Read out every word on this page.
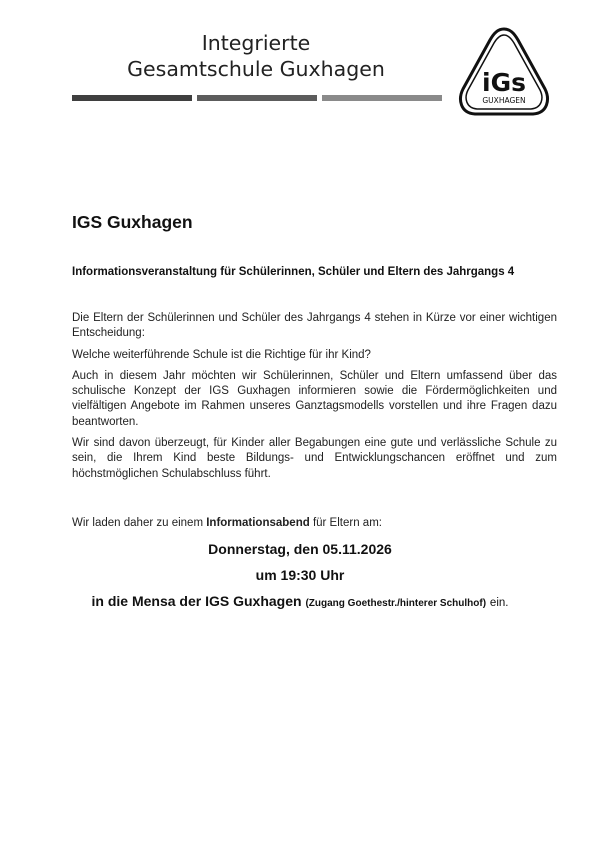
Integrierte
Gesamtschule Guxhagen	iGs
GUXHAGEN
IGS Guxhagen
Informationsveranstaltung für Schülerinnen, Schüler und Eltern des Jahrgangs 4

Die Eltern der Schülerinnen und Schüler des Jahrgangs 4 stehen in Kürze vor einer wichtigen Entscheidung:

Welche weiterführende Schule ist die Richtige für ihr Kind?

Auch in diesem Jahr möchten wir Schülerinnen, Schüler und Eltern umfassend über das schulische Konzept der IGS Guxhagen informieren sowie die Fördermöglichkeiten und vielfältigen Angebote im Rahmen unseres Ganztagsmodells vorstellen und ihre Fragen dazu beantworten.

Wir sind davon überzeugt, für Kinder aller Begabungen eine gute und verlässliche Schule zu sein, die Ihrem Kind beste Bildungs- und Entwicklungschancen eröffnet und zum höchstmöglichen Schulabschluss führt.

Wir laden daher zu einem Informationsabend für Eltern am:

Donnerstag, den 05.11.2026

um 19:30 Uhr

in die Mensa der IGS Guxhagen (Zugang Goethestr./hinterer Schulhof) ein.
